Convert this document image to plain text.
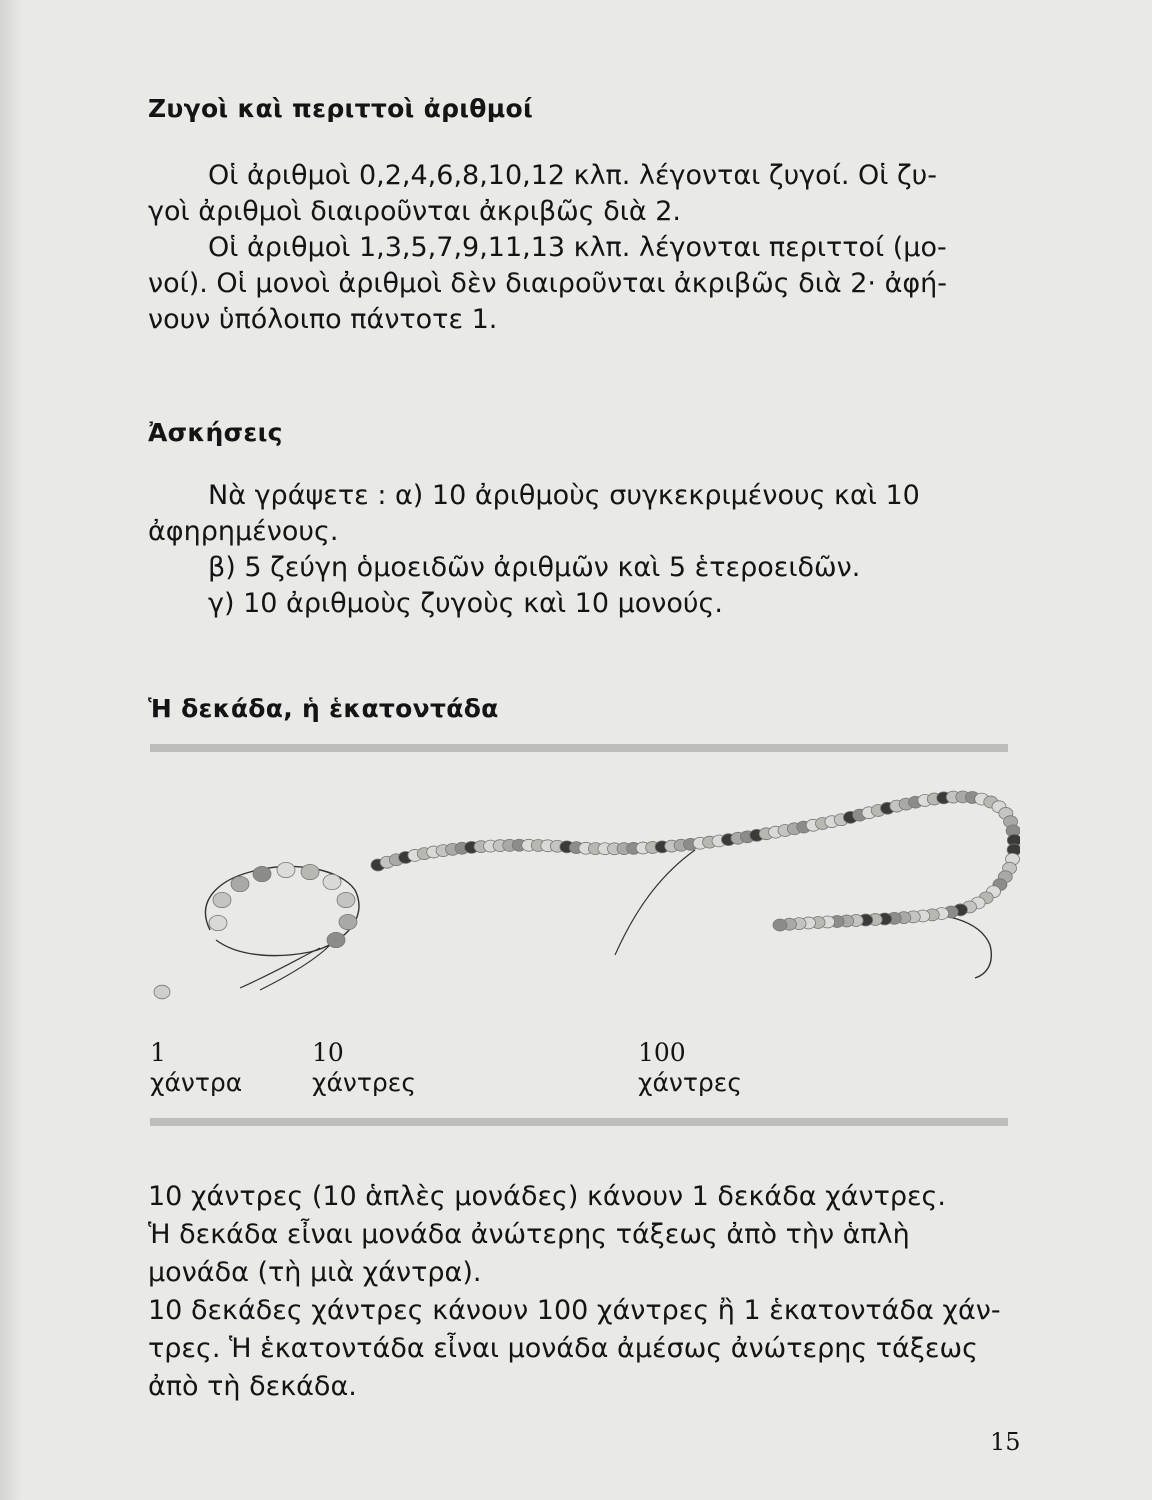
Ζυγοὶ καὶ περιττοὶ ἀριθμοί
Οἱ ἀριθμοὶ 0,2,4,6,8,10,12 κλπ. λέγονται ζυγοί. Οἱ ζυ-
γοὶ ἀριθμοὶ διαιροῦνται ἀκριβῶς διὰ 2.
Οἱ ἀριθμοὶ 1,3,5,7,9,11,13 κλπ. λέγονται περιττοί (μο-
νοί). Οἱ μονοὶ ἀριθμοὶ δὲν διαιροῦνται ἀκριβῶς διὰ 2· ἀφή-
νουν ὑπόλοιπο πάντοτε 1.
Ἀσκήσεις
Νὰ γράψετε : α) 10 ἀριθμοὺς συγκεκριμένους καὶ 10
ἀφηρημένους.
β) 5 ζεύγη ὁμοειδῶν ἀριθμῶν καὶ 5 ἑτεροειδῶν.
γ) 10 ἀριθμοὺς ζυγοὺς καὶ 10 μονούς.
Ἡ δεκάδα, ἡ ἑκατοντάδα

1
χάντρα

10
χάντρες

100
χάντρες

10 χάντρες (10 ἁπλὲς μονάδες) κάνουν 1 δεκάδα χάντρες.
Ἡ δεκάδα εἶναι μονάδα ἀνώτερης τάξεως ἀπὸ τὴν ἁπλὴ
μονάδα (τὴ μιὰ χάντρα).
10 δεκάδες χάντρες κάνουν 100 χάντρες ἢ 1 ἑκατοντάδα χάν-
τρες. Ἡ ἑκατοντάδα εἶναι μονάδα ἀμέσως ἀνώτερης τάξεως
ἀπὸ τὴ δεκάδα.

15
